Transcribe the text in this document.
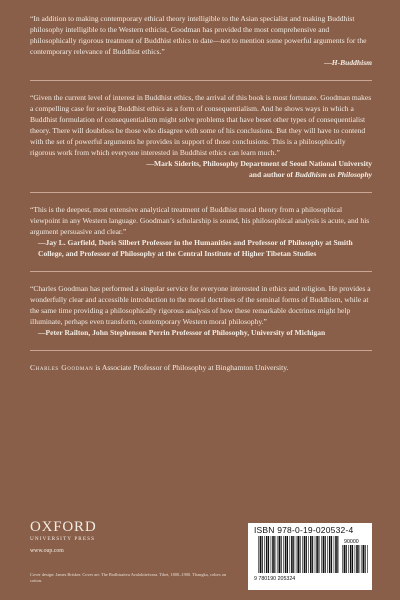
“In addition to making contemporary ethical theory intelligible to the Asian specialist and making Buddhist philosophy intelligible to the Western ethicist, Goodman has provided the most comprehensive and philosophically rigorous treatment of Buddhist ethics to date—not to mention some powerful arguments for the contemporary relevance of Buddhist ethics.”
—H-Buddhism

“Given the current level of interest in Buddhist ethics, the arrival of this book is most fortunate. Goodman makes a compelling case for seeing Buddhist ethics as a form of consequentialism. And he shows ways in which a Buddhist formulation of consequentialism might solve problems that have beset other types of consequentialist theory. There will doubtless be those who disagree with some of his conclusions. But they will have to contend with the set of powerful arguments he provides in support of those conclusions. This is a philosophically rigorous work from which everyone interested in Buddhist ethics can learn much.”
—Mark Siderits, Philosophy Department of Seoul National University
and author of Buddhism as Philosophy

“This is the deepest, most extensive analytical treatment of Buddhist moral theory from a philosophical viewpoint in any Western language. Goodman’s scholarship is sound, his philosophical analysis is acute, and his argument persuasive and clear.”
—Jay L. Garfield, Doris Silbert Professor in the Humanities and Professor of Philosophy at Smith College, and Professor of Philosophy at the Central Institute of Higher Tibetan Studies

“Charles Goodman has performed a singular service for everyone interested in ethics and religion. He provides a wonderfully clear and accessible introduction to the moral doctrines of the seminal forms of Buddhism, while at the same time providing a philosophically rigorous analysis of how these remarkable doctrines might help illuminate, perhaps even transform, contemporary Western moral philosophy.”
—Peter Railton, John Stephenson Perrin Professor of Philosophy, University of Michigan

Charles Goodman is Associate Professor of Philosophy at Binghamton University.

OXFORD
UNIVERSITY PRESS
www.oup.com
Cover design: James Brisker. Cover art: The Bodhisattva Avalokiteśvara. Tibet, 1800–1900. Thangka, colors on cotton.
ISBN 978-0-19-020532-4
9 780190 205324
90000
